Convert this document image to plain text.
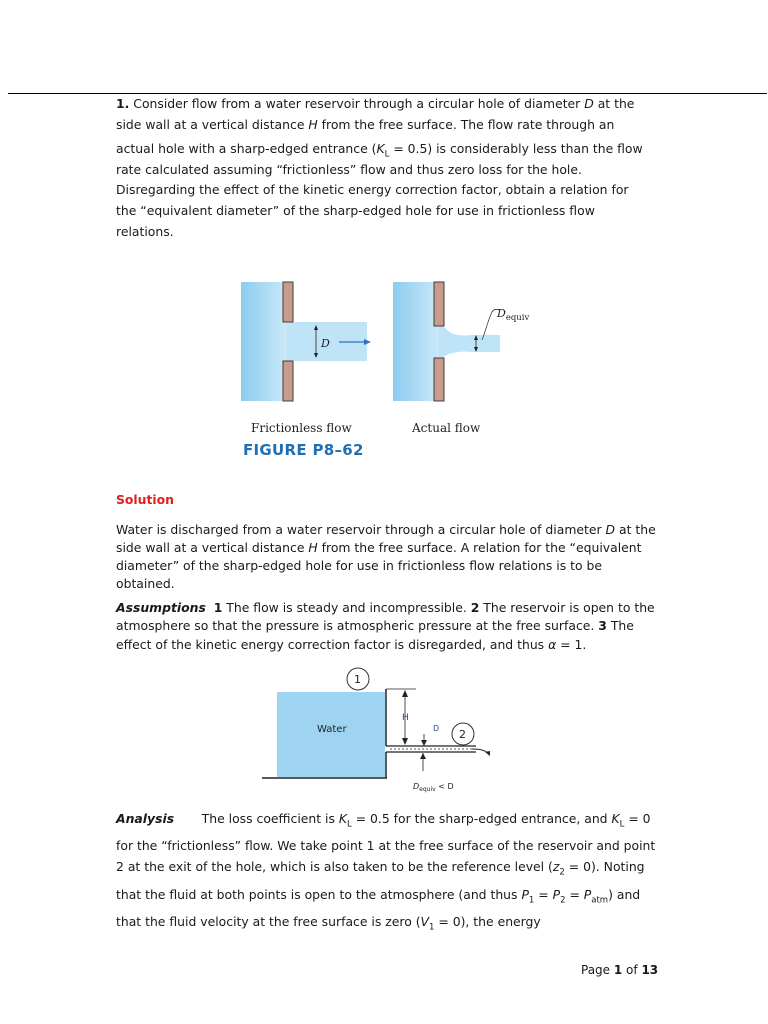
1. Consider flow from a water reservoir through a circular hole of diameter D at the
side wall at a vertical distance H from the free surface. The flow rate through an
actual hole with a sharp-edged entrance $(K_L = 0.5)$ is considerably less than the flow
rate calculated assuming “frictionless” flow and thus zero loss for the hole.
Disregarding the effect of the kinetic energy correction factor, obtain a relation for
the “equivalent diameter” of the sharp-edged hole for use in frictionless flow
relations.
D
$D_{equiv}$
Frictionless flow	Actual flow
FIGURE P8–62
Solution
Water is discharged from a water reservoir through a circular hole of diameter D at the side wall at a vertical distance H from the free surface. A relation for the “equivalent diameter” of the sharp-edged hole for use in frictionless flow relations is to be obtained.
Assumptions 1 The flow is steady and incompressible. 2 The reservoir is open to the atmosphere so that the pressure is atmospheric pressure at the free surface. 3 The effect of the kinetic energy correction factor is disregarded, and thus α = 1.
H
D
1
2
Water
$D_{equiv} < D$
Analysis       The loss coefficient is $K_L = 0.5$ for the sharp-edged entrance, and $K_L = 0$ for the “frictionless” flow. We take point 1 at the free surface of the reservoir and point 2 at the exit of the hole, which is also taken to be the reference level $(z_2 = 0)$. Noting that the fluid at both points is open to the atmosphere (and thus $P_1 = P_2 = P_{atm}$) and that the fluid velocity at the free surface is zero $(V_1 = 0)$, the energy
Page 1 of 13
